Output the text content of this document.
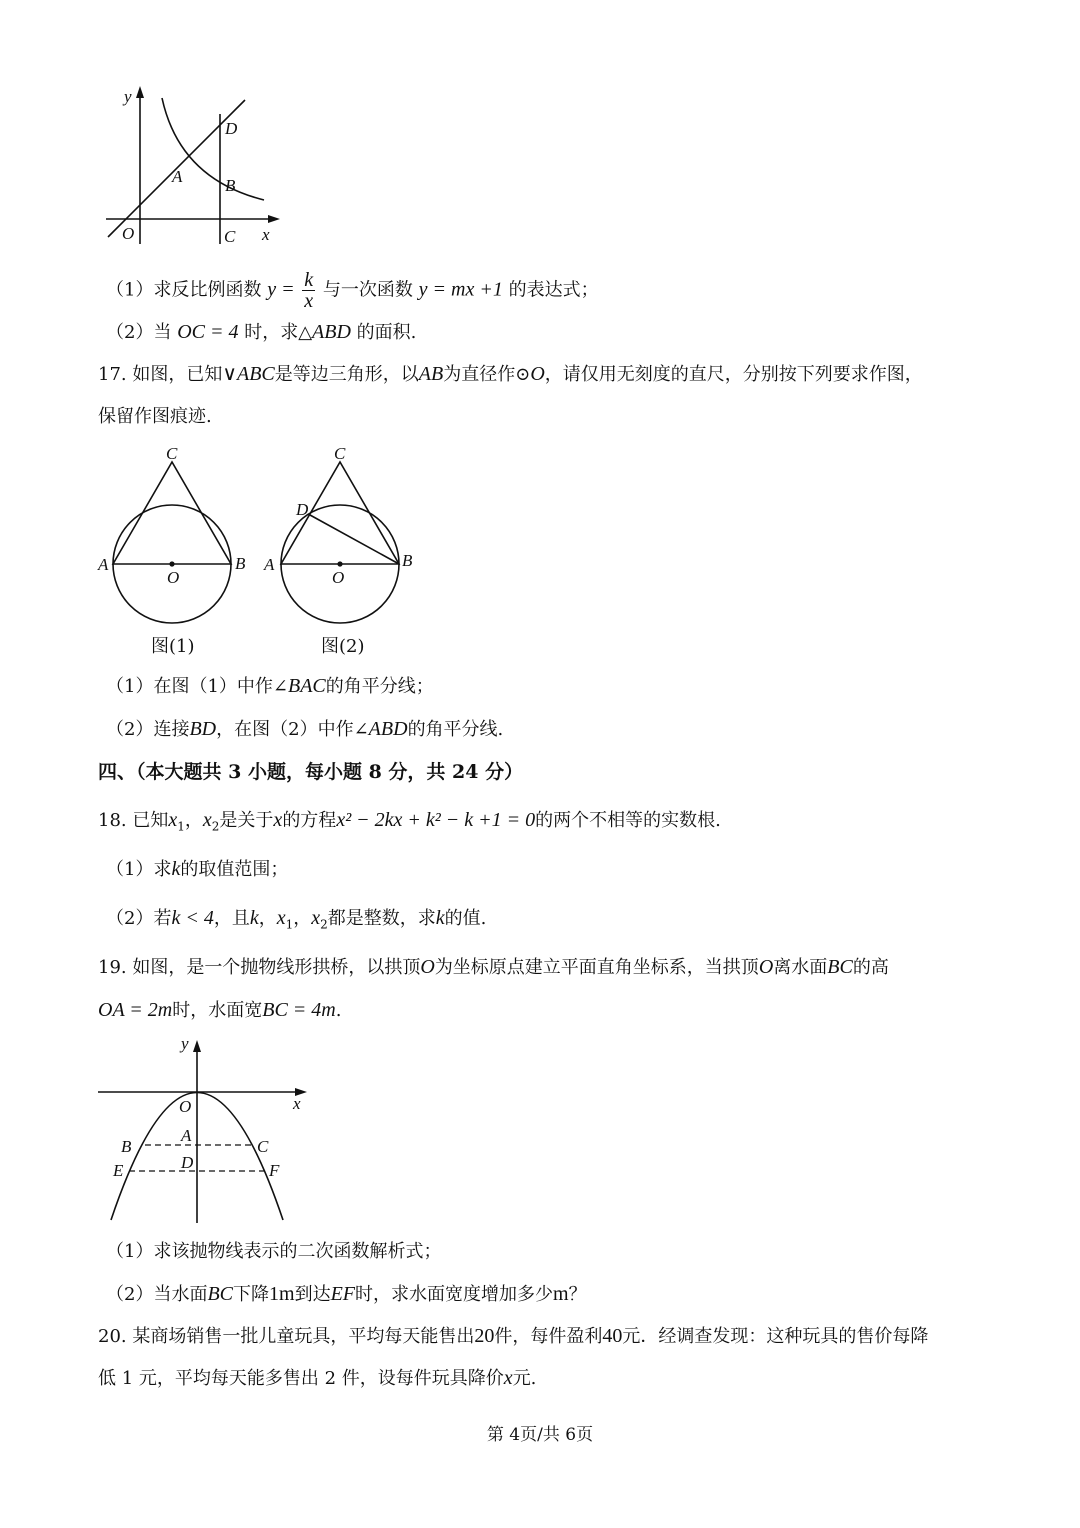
y
x
O	C
D
A	B
（1）求反比例函数 $y = \frac{k}{x}$ 与一次函数 y = mx +1 的表达式；
（2）当 OC = 4 时，求△ABD 的面积.
17. 如图，已知∨ABC是等边三角形，以AB为直径作⊙O，请仅用无刻度的直尺，分别按下列要求作图，
保留作图痕迹.
C
A
O
B
图(1)
C
D
A
O
B
图(2)
（1）在图（1）中作∠BAC的角平分线；
（2）连接BD，在图（2）中作∠ABD的角平分线.
四、（本大题共 3 小题，每小题 8 分，共 24 分）
18. 已知$x_1$，$x_2$是关于x的方程x² − 2kx + k² − k +1 = 0的两个不相等的实数根.
（1）求k的取值范围；
（2）若k < 4，且k，$x_1$，$x_2$都是整数，求k的值.
19. 如图，是一个抛物线形拱桥，以拱顶O为坐标原点建立平面直角坐标系，当拱顶O离水面BC的高
OA = 2m时，水面宽BC = 4m.
y
x
O
A
B	C
D
E	F
（1）求该抛物线表示的二次函数解析式；
（2）当水面BC下降1m到达EF时，求水面宽度增加多少m？
20. 某商场销售一批儿童玩具，平均每天能售出20件，每件盈利40元．经调查发现：这种玩具的售价每降
低 1 元，平均每天能多售出 2 件，设每件玩具降价x元.
第 4页/共 6页
